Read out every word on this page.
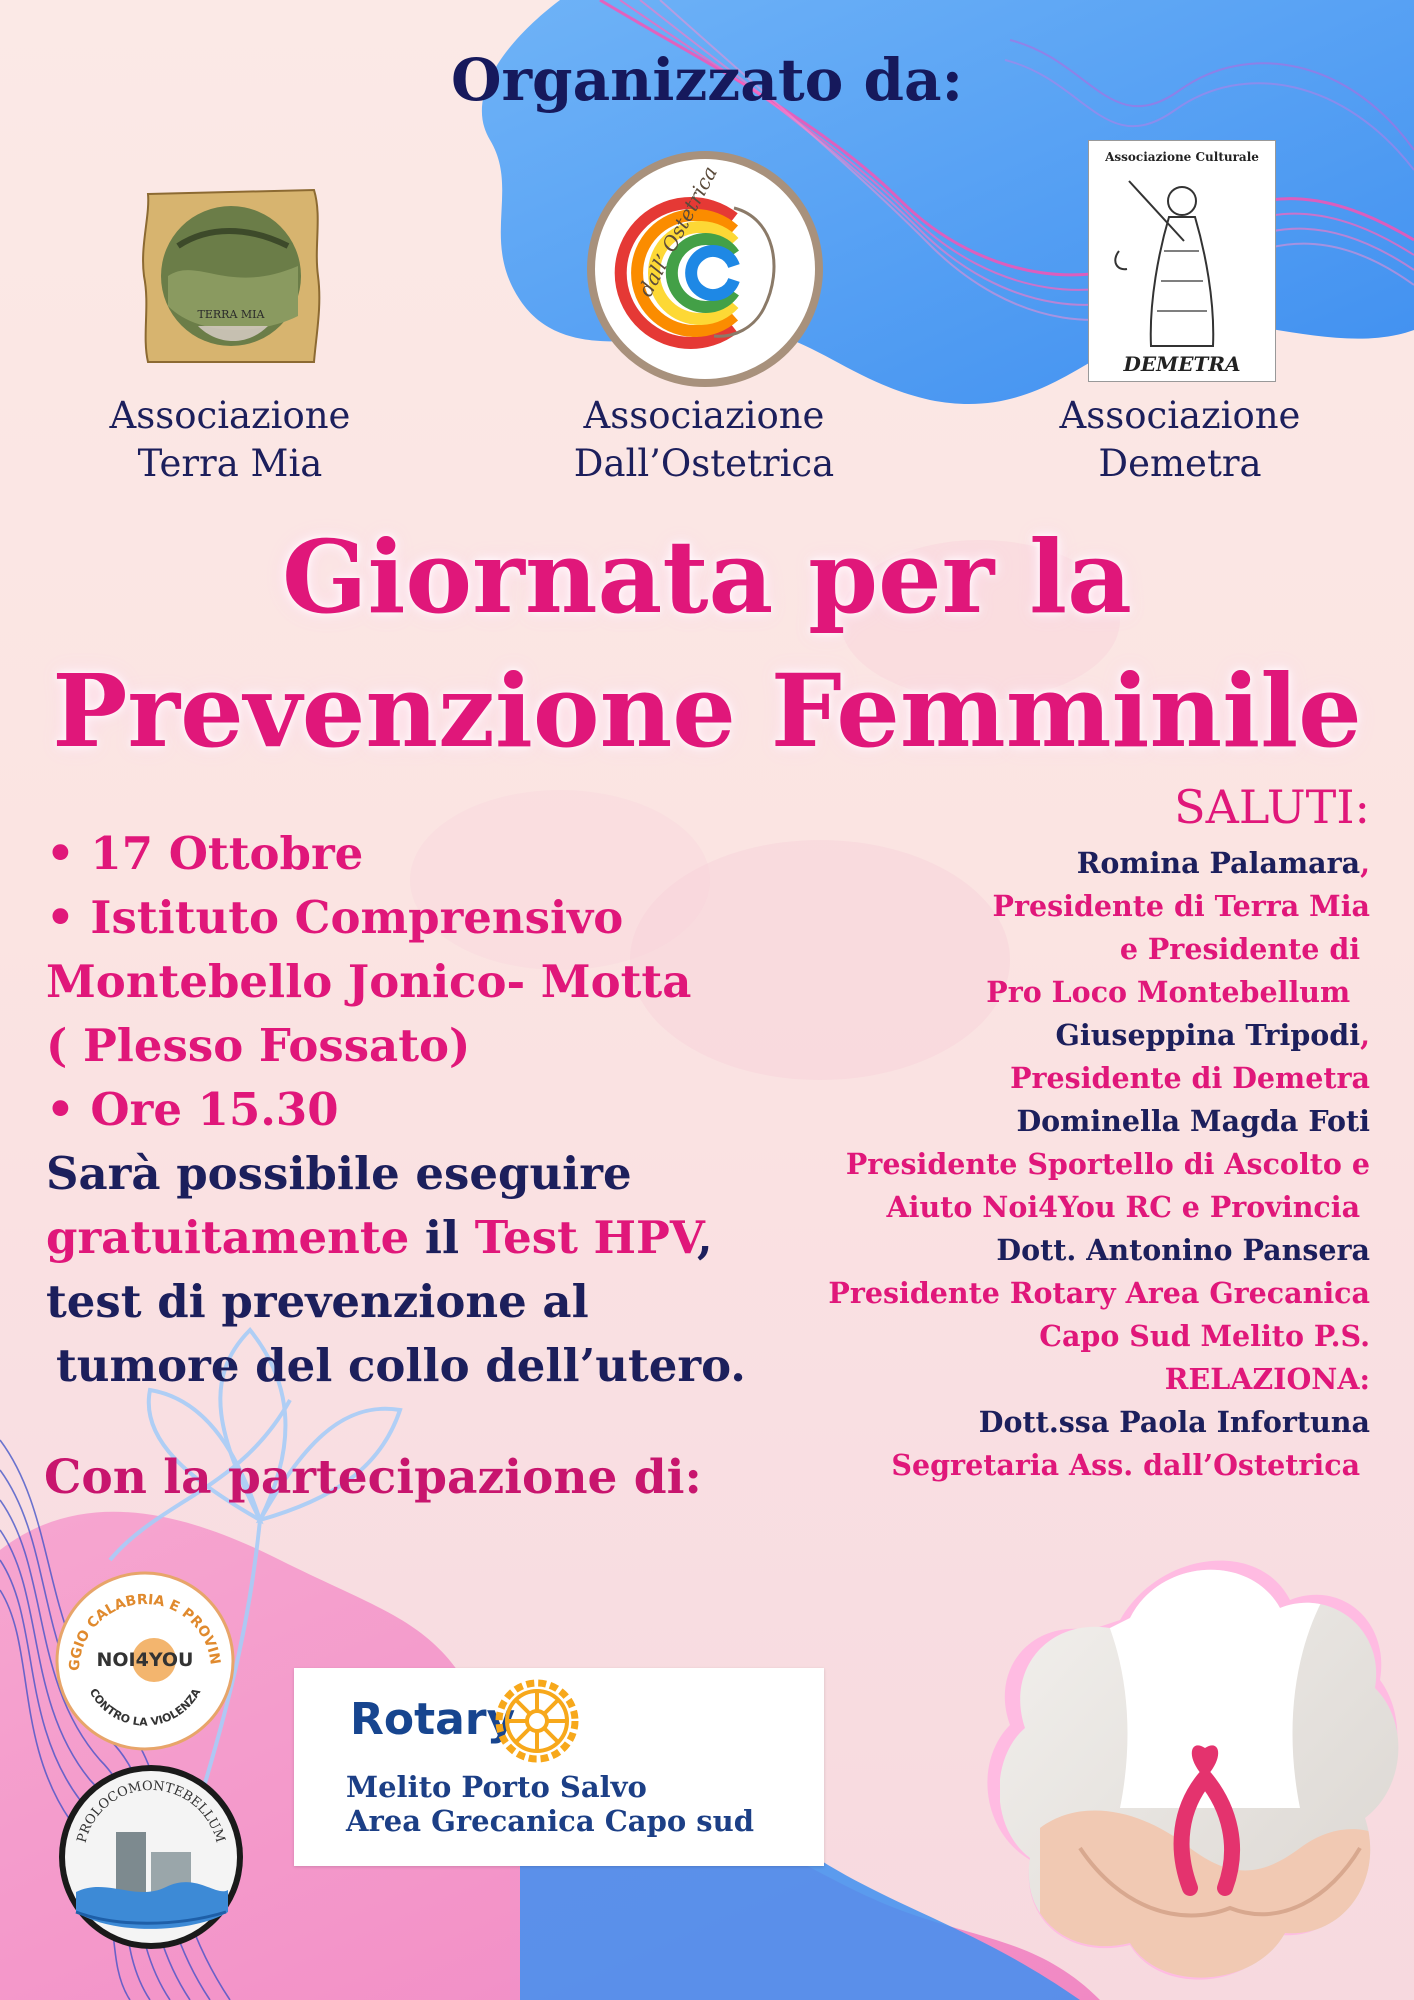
Organizzato da:
TERRA MIA
Associazione
Terra Mia
dall’ Ostetrica
Associazione
Dall’Ostetrica
Associazione Culturale
DEMETRA
Associazione
Demetra
Giornata per la
Prevenzione Femminile
• 17 Ottobre
• Istituto Comprensivo
Montebello Jonico- Motta
( Plesso Fossato)
• Ore 15.30
Sarà possibile eseguire
gratuitamente il Test HPV,
test di prevenzione al
tumore del collo dell’utero.
Con la partecipazione di:
SALUTI:
Romina Palamara,
Presidente di Terra Mia
e Presidente di
Pro Loco Montebellum
Giuseppina Tripodi,
Presidente di Demetra
Dominella Magda Foti
Presidente Sportello di Ascolto e
Aiuto Noi4You RC e Provincia
Dott. Antonino Pansera
Presidente Rotary Area Grecanica
Capo Sud Melito P.S.
RELAZIONA:
Dott.ssa Paola Infortuna
Segretaria Ass. dall’Ostetrica
GGIO CALABRIA E PROVIN
CONTRO LA VIOLENZA
NOI4YOU
PROLOCOMONTEBELLUM
Rotary
Melito Porto Salvo
Area Grecanica Capo sud
